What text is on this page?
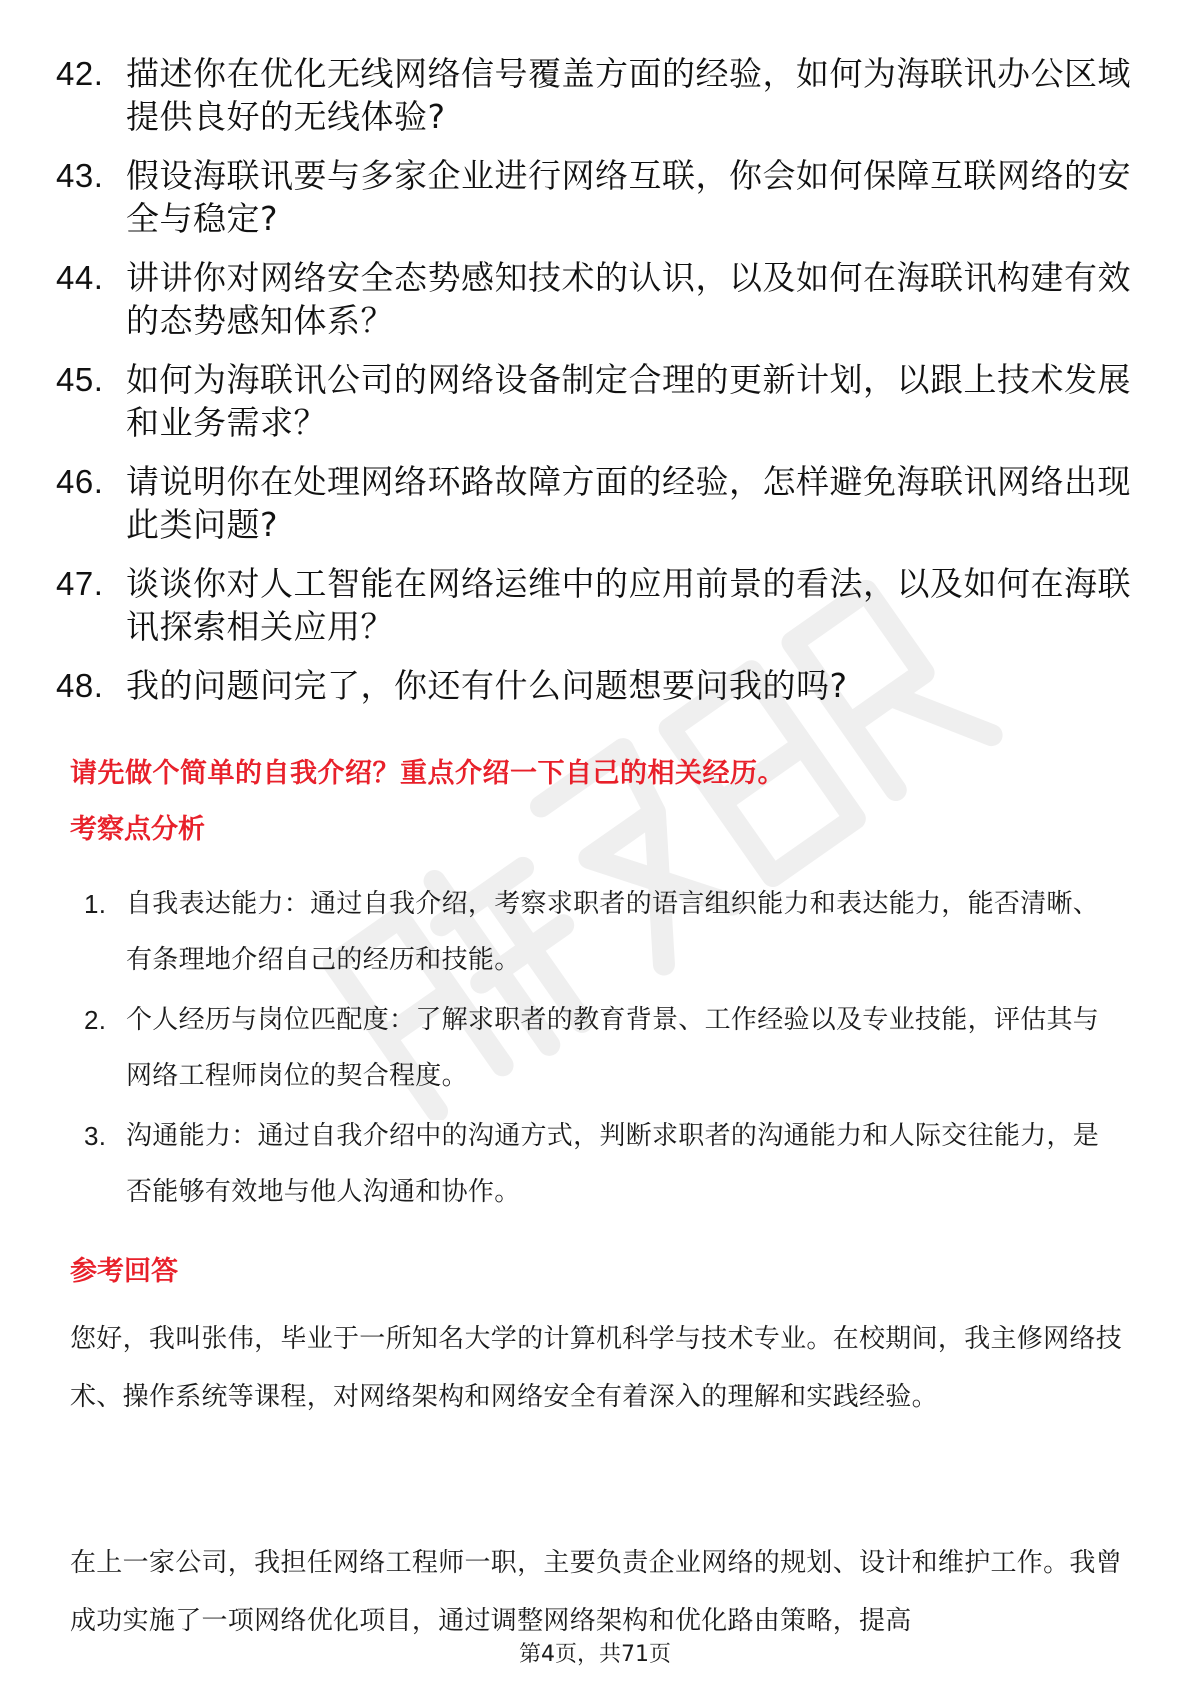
42. 描述你在优化无线网络信号覆盖方面的经验，如何为海联讯办公区域提供良好的无线体验?
43. 假设海联讯要与多家企业进行网络互联，你会如何保障互联网络的安全与稳定?
44. 讲讲你对网络安全态势感知技术的认识，以及如何在海联讯构建有效的态势感知体系？
45. 如何为海联讯公司的网络设备制定合理的更新计划，以跟上技术发展和业务需求？
46. 请说明你在处理网络环路故障方面的经验，怎样避免海联讯网络出现此类问题?
47. 谈谈你对人工智能在网络运维中的应用前景的看法，以及如何在海联讯探索相关应用？
48. 我的问题问完了，你还有什么问题想要问我的吗?
请先做个简单的自我介绍？重点介绍一下自己的相关经历。
考察点分析
1. 自我表达能力：通过自我介绍，考察求职者的语言组织能力和表达能力，能否清晰、有条理地介绍自己的经历和技能。
2. 个人经历与岗位匹配度：了解求职者的教育背景、工作经验以及专业技能，评估其与网络工程师岗位的契合程度。
3. 沟通能力：通过自我介绍中的沟通方式，判断求职者的沟通能力和人际交往能力，是否能够有效地与他人沟通和协作。
参考回答

您好，我叫张伟，毕业于一所知名大学的计算机科学与技术专业。在校期间，我主修网络技术、操作系统等课程，对网络架构和网络安全有着深入的理解和实践经验。

在上一家公司，我担任网络工程师一职，主要负责企业网络的规划、设计和维护工作。我曾成功实施了一项网络优化项目，通过调整网络架构和优化路由策略，提高

第4页，共71页
